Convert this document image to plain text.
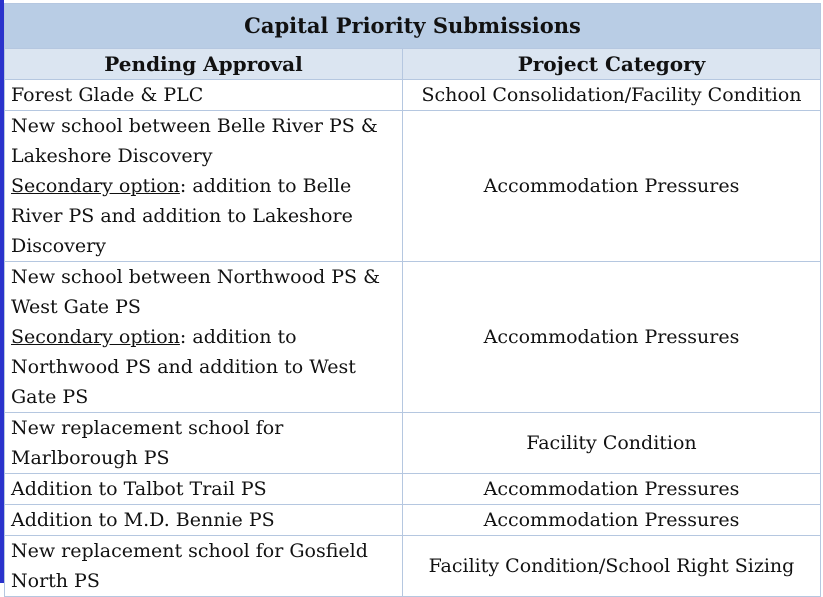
Capital Priority Submissions	
Pending Approval	Project Category
Forest Glade & PLC	School Consolidation/Facility Condition
New school between Belle River PS & Lakeshore Discovery
Secondary option: addition to Belle River PS and addition to Lakeshore Discovery	Accommodation Pressures
New school between Northwood PS & West Gate PS
Secondary option: addition to Northwood PS and addition to West Gate PS	Accommodation Pressures
New replacement school for Marlborough PS	Facility Condition
Addition to Talbot Trail PS	Accommodation Pressures
Addition to M.D. Bennie PS	Accommodation Pressures
New replacement school for Gosfield North PS	Facility Condition/School Right Sizing
